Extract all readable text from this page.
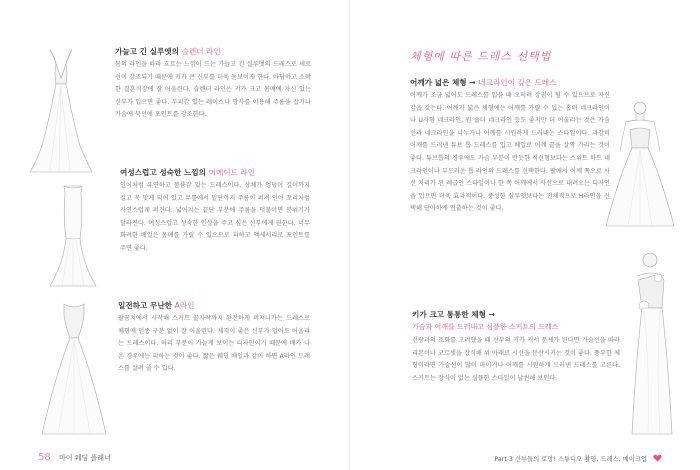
가늘고 긴 실루엣의 슬렌더 라인
몸의 라인을 따라 흐르는 느낌이 드는 가늘고 긴 실루엣의 드레스로 세로선이 강조되기 때문에 키가 큰 신부를 더욱 돋보이게 한다. 아담하고 소박한 결혼식장에 잘 어울린다. 슬렌더 라인은 키가 크고 몸매에 자신 있는 신부가 입으면 좋다. 부피감 있는 레이스나 망사를 이용해 주름을 잡거나 가슴에 묵선에 포인트를 강조한다.
여성스럽고 성숙한 느낌의 머메이드 라인
인어처럼 유연하고 볼륨감 있는 드레스이다. 상체가 엉덩이 길이까지 길고 꼭 맞게 되어 있고 무릎에서 밑단까지 주름이 퍼져 인어 꼬리처럼 자연스럽게 퍼진다. 넓어지는 끝단 부분에 주름을 덧붙이면 분위기가 달라진다. 여성스럽고 성숙한 인상을 주고 싶은 신부에게 권한다. 너무 화려한 베일은 몸매를 가릴 수 있으므로 피하고 액세서리로 포인트를 주면 좋다.
일전하고 무난한 A라인
팔꿈치에서 시작해 스커트 끝자락까지 완전하게 퍼져나가는 드레스로 체형에 인종 구분 없이 잘 어울린다. 체격이 좋은 신부가 입어도 어울리는 드레스이다. 허리 부분이 가늘게 보이는 디자인이기 때문에 배가 나온 경우에는 피하는 것이 좋다. 짧은 웨딩 베일과 같이 하면 A라인 드레스를 살려 줄 수 있다.
58 마이 웨딩 플래너
체형에 따른 드레스 선택법
어깨가 넓은 체형 → 네크라인이 깊은 드레스
어깨가 조금 넓어도 드레스를 입을 때 오히려 장점이 될 수 있으므로 자신감을 갖는다. 어깨가 넓은 체형에는 어깨를 가릴 수 있는 홀터 네크라인이나 U자형 네크라인, 원 숄더 네크라인 등도 좋지만 더 어울리는 것은 가슴선과 네크라인을 나누거나 어깨를 시원하게 드러내는 스타일이다. 과감히 어깨를 드러낸 튜브 톱 드레스를 입고 베일로 어깨 끝을 살짝 가리는 것이 좋다. 튜브톱의 경우에도 가슴 부분이 반듯한 직선형보다는 스위트 하트 네크라인이나 부드러운 톱 라인의 드레스를 선택한다. 팔에서 어깨 쪽으로 사선 치리가 된 레급인 스타일이나 한 쪽 어깨에서 사선으로 내려오는 디자인을 입으면 더욱 효과적이다. 풍성한 실루엣보다는 전체적으로 H라인을 선택해 단아하게 연출하는 것이 좋다.
키가 크고 통통한 체형 →
가슴과 어깨를 드러내고 심플한 스커트의 드레스
신랑과의 조화를 고려했을 때 신부의 키가 커서 문제가 된다면 가슴선을 따라 리본이나 코르셋을 장식해 위 아래로 시선을 분산시키는 것이 좋다. 풍부한 체형이라면 가슴선이 많이 파이거나 어깨를 시원하게 드러낸 드레스를 고른다. 스커트는 장식이 없는 심플한 스타일이 날씬해 보인다.
Part 3 신부들의 로망! 스튜디오 촬영, 드레스, 메이크업
